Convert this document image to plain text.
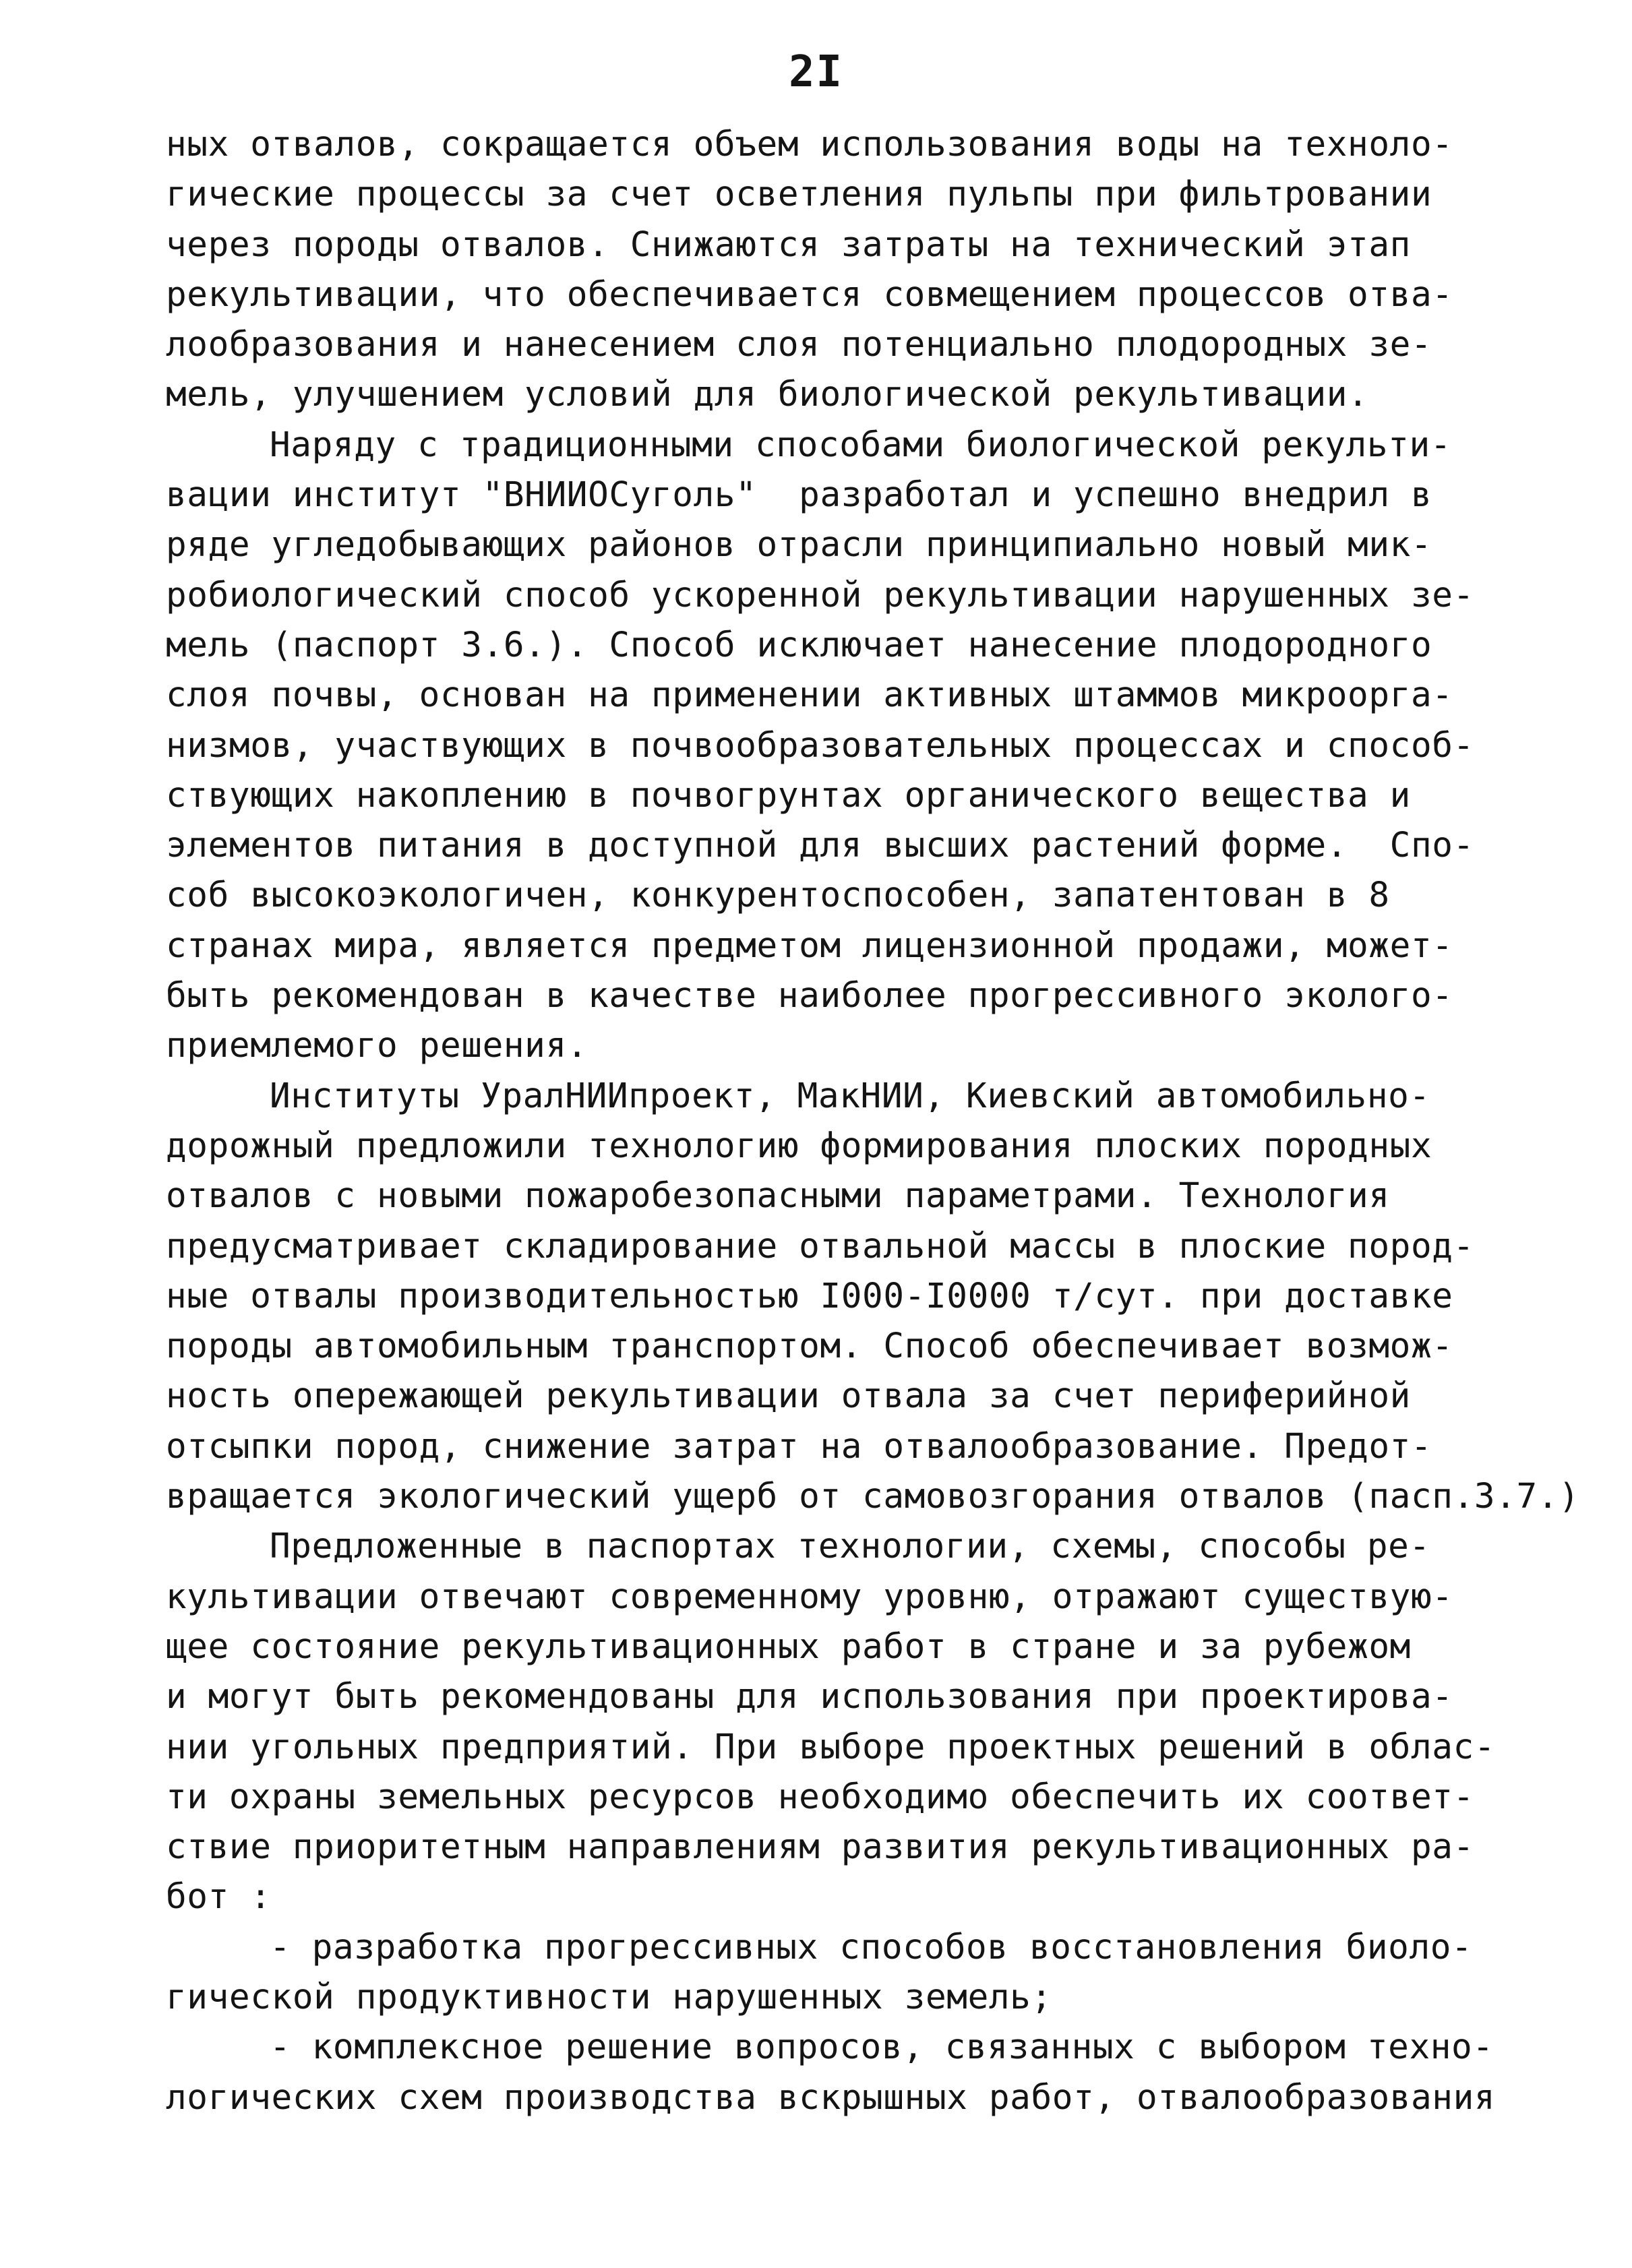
2I
ных отвалов, сокращается объем использования воды на техноло-
гические процессы за счет осветления пульпы при фильтровании
через породы отвалов. Снижаются затраты на технический этап
рекультивации, что обеспечивается совмещением процессов отва-
лообразования и нанесением слоя потенциально плодородных зе-
мель, улучшением условий для биологической рекультивации.
Наряду с традиционными способами биологической рекульти-
вации институт "ВНИИОСуголь"  разработал и успешно внедрил в
ряде угледобывающих районов отрасли принципиально новый мик-
робиологический способ ускоренной рекультивации нарушенных зе-
мель (паспорт 3.6.). Способ исключает нанесение плодородного
слоя почвы, основан на применении активных штаммов микроорга-
низмов, участвующих в почвообразовательных процессах и способ-
ствующих накоплению в почвогрунтах органического вещества и
элементов питания в доступной для высших растений форме.  Спо-
соб высокоэкологичен, конкурентоспособен, запатентован в 8
странах мира, является предметом лицензионной продажи, может-
быть рекомендован в качестве наиболее прогрессивного эколого-
приемлемого решения.
Институты УралНИИпроект, МакНИИ, Киевский автомобильно-
дорожный предложили технологию формирования плоских породных
отвалов с новыми пожаробезопасными параметрами. Технология
предусматривает складирование отвальной массы в плоские пород-
ные отвалы производительностью I000-I0000 т/сут. при доставке
породы автомобильным транспортом. Способ обеспечивает возмож-
ность опережающей рекультивации отвала за счет периферийной
отсыпки пород, снижение затрат на отвалообразование. Предот-
вращается экологический ущерб от самовозгорания отвалов (пасп.3.7.)
Предложенные в паспортах технологии, схемы, способы ре-
культивации отвечают современному уровню, отражают существую-
щее состояние рекультивационных работ в стране и за рубежом
и могут быть рекомендованы для использования при проектирова-
нии угольных предприятий. При выборе проектных решений в облас-
ти охраны земельных ресурсов необходимо обеспечить их соответ-
ствие приоритетным направлениям развития рекультивационных ра-
бот :
- разработка прогрессивных способов восстановления биоло-
гической продуктивности нарушенных земель;
- комплексное решение вопросов, связанных с выбором техно-
логических схем производства вскрышных работ, отвалообразования
